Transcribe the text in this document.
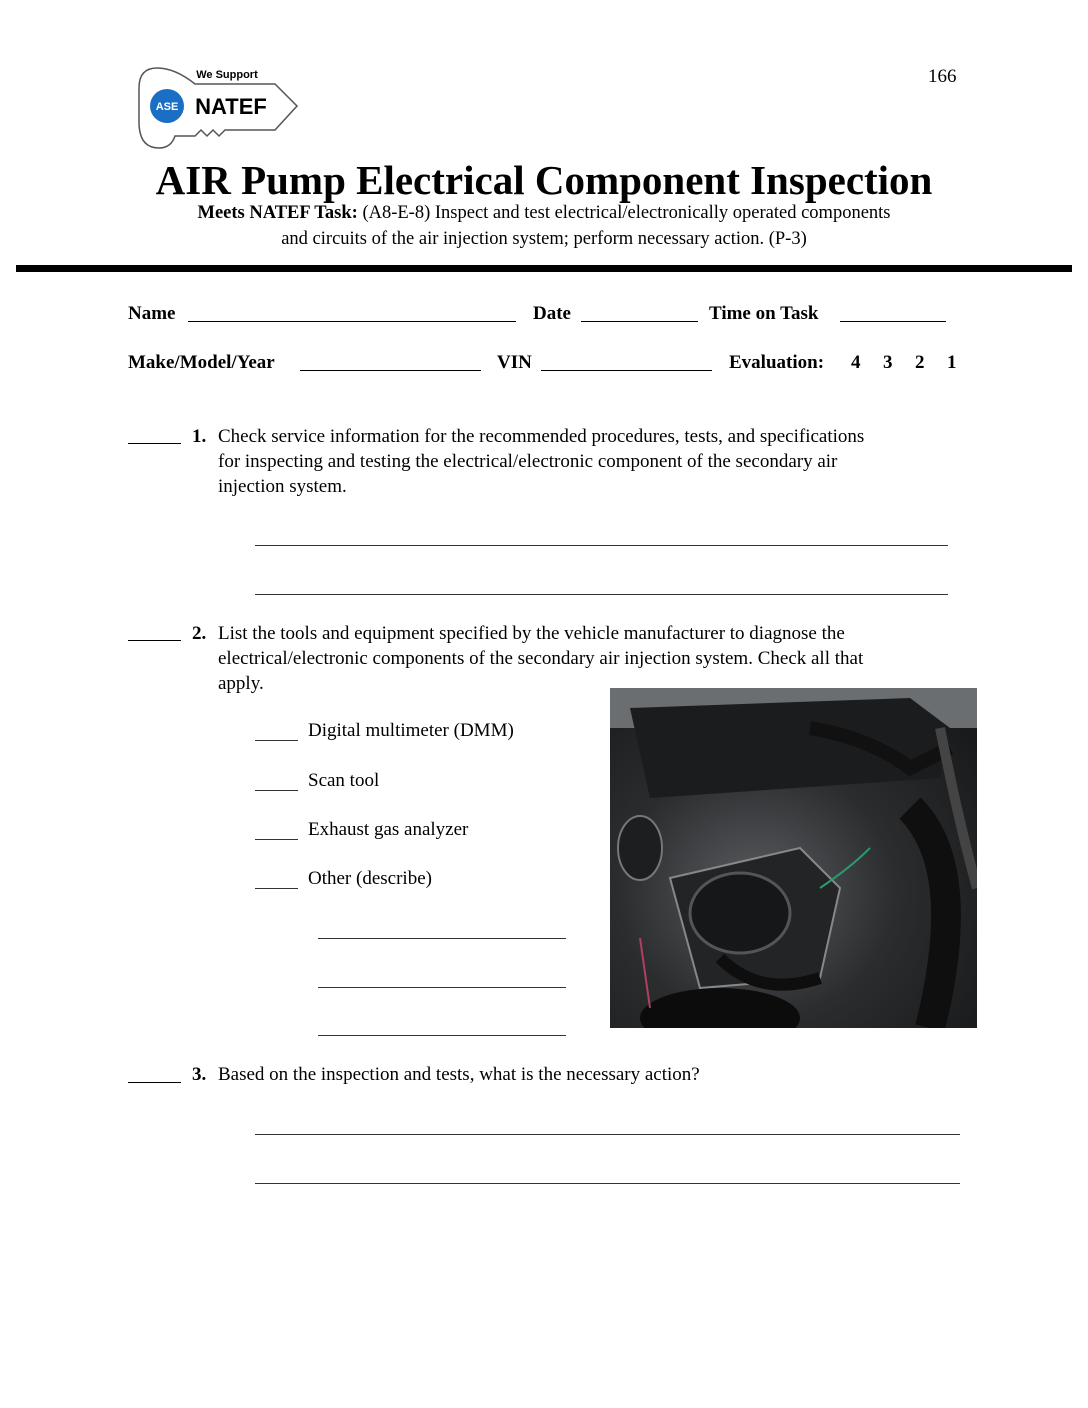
166
ASE
We Support
NATEF
AIR Pump Electrical Component Inspection
Meets NATEF Task: (A8-E-8) Inspect and test electrical/electronically operated components
and circuits of the air injection system; perform necessary action. (P-3)
Name	Date	Time on Task
Make/Model/Year	VIN	Evaluation: 4 3 2 1
1. Check service information for the recommended procedures, tests, and specifications
for inspecting and testing the electrical/electronic component of the secondary air
injection system.
2. List the tools and equipment specified by the vehicle manufacturer to diagnose the
electrical/electronic components of the secondary air injection system. Check all that
apply.
Digital multimeter (DMM)
Scan tool
Exhaust gas analyzer
Other (describe)
3. Based on the inspection and tests, what is the necessary action?
